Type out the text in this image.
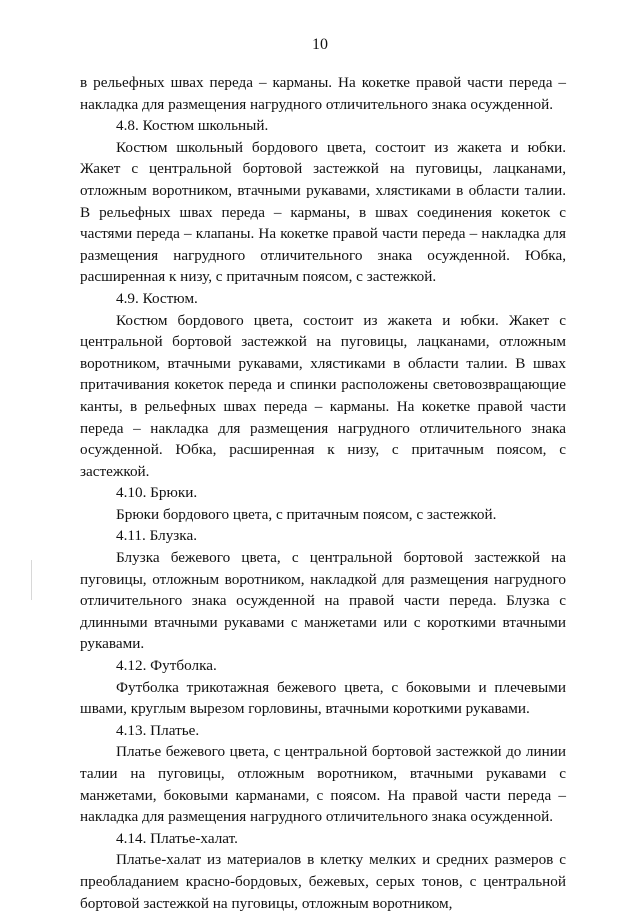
10

в рельефных швах переда – карманы. На кокетке правой части переда – накладка для размещения нагрудного отличительного знака осужденной.

4.8. Костюм школьный.

Костюм школьный бордового цвета, состоит из жакета и юбки. Жакет с центральной бортовой застежкой на пуговицы, лацканами, отложным воротником, втачными рукавами, хлястиками в области талии. В рельефных швах переда – карманы, в швах соединения кокеток с частями переда – клапаны. На кокетке правой части переда – накладка для размещения нагрудного отличительного знака осужденной. Юбка, расширенная к низу, с притачным поясом, с застежкой.

4.9. Костюм.

Костюм бордового цвета, состоит из жакета и юбки. Жакет с центральной бортовой застежкой на пуговицы, лацканами, отложным воротником, втачными рукавами, хлястиками в области талии. В швах притачивания кокеток переда и спинки расположены световозвращающие канты, в рельефных швах переда – карманы. На кокетке правой части переда – накладка для размещения нагрудного отличительного знака осужденной. Юбка, расширенная к низу, с притачным поясом, с застежкой.

4.10. Брюки.

Брюки бордового цвета, с притачным поясом, с застежкой.

4.11. Блузка.

Блузка бежевого цвета, с центральной бортовой застежкой на пуговицы, отложным воротником, накладкой для размещения нагрудного отличительного знака осужденной на правой части переда. Блузка с длинными втачными рукавами с манжетами или с короткими втачными рукавами.

4.12. Футболка.

Футболка трикотажная бежевого цвета, с боковыми и плечевыми швами, круглым вырезом горловины, втачными короткими рукавами.

4.13. Платье.

Платье бежевого цвета, с центральной бортовой застежкой до линии талии на пуговицы, отложным воротником, втачными рукавами с манжетами, боковыми карманами, с поясом. На правой части переда – накладка для размещения нагрудного отличительного знака осужденной.

4.14. Платье-халат.

Платье-халат из материалов в клетку мелких и средних размеров с преобладанием красно-бордовых, бежевых, серых тонов, с центральной бортовой застежкой на пуговицы, отложным воротником,
